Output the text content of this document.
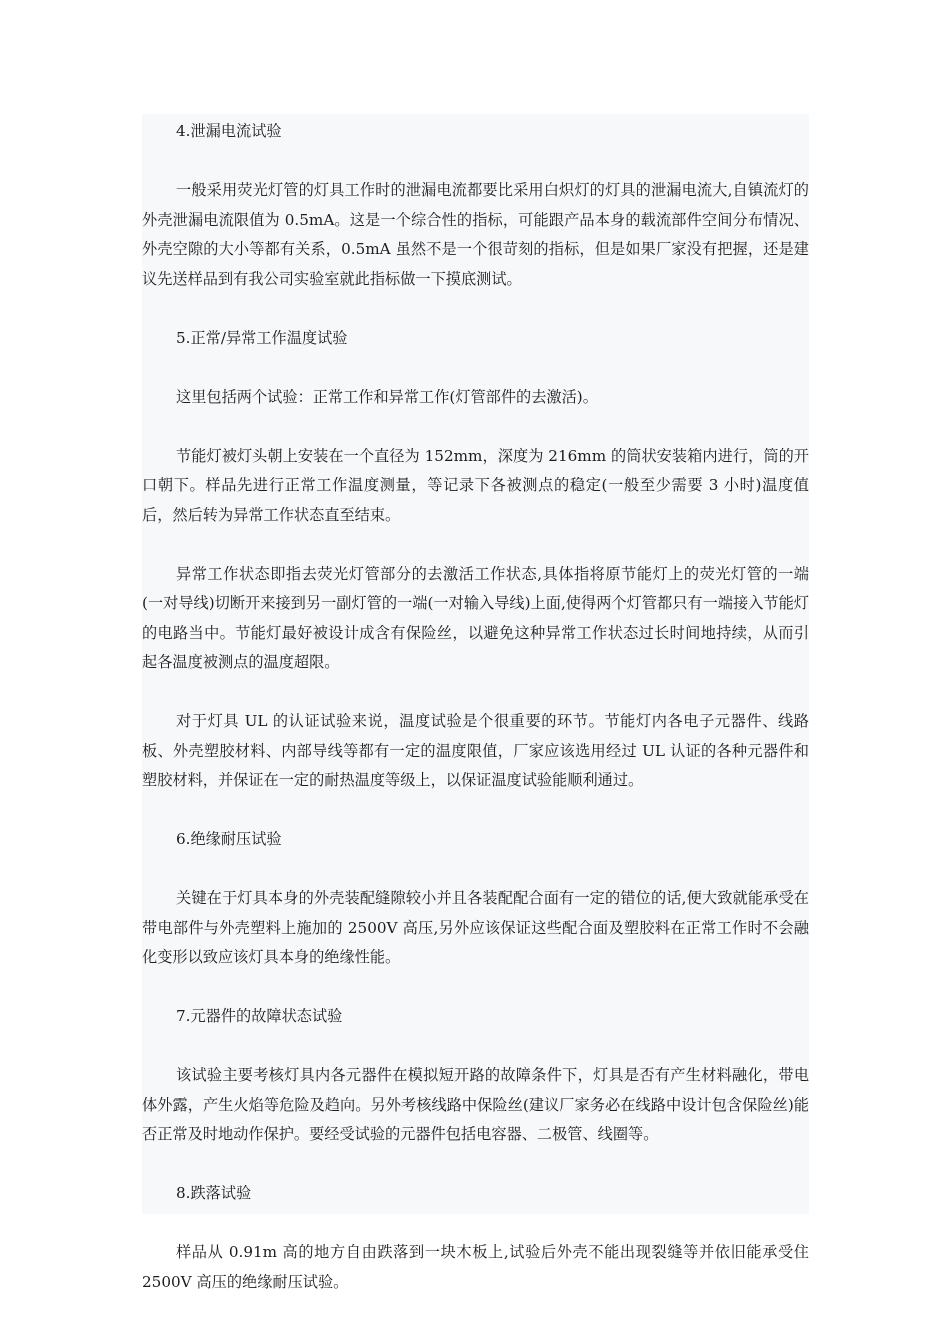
4.泄漏电流试验

一般采用荧光灯管的灯具工作时的泄漏电流都要比采用白炽灯的灯具的泄漏电流大,自镇流灯的外壳泄漏电流限值为 0.5mA。这是一个综合性的指标，可能跟产品本身的载流部件空间分布情况、外壳空隙的大小等都有关系，0.5mA 虽然不是一个很苛刻的指标，但是如果厂家没有把握，还是建议先送样品到有我公司实验室就此指标做一下摸底测试。

5.正常/异常工作温度试验

这里包括两个试验：正常工作和异常工作(灯管部件的去激活)。

节能灯被灯头朝上安装在一个直径为 152mm，深度为 216mm 的筒状安装箱内进行，筒的开口朝下。样品先进行正常工作温度测量，等记录下各被测点的稳定(一般至少需要 3 小时)温度值后，然后转为异常工作状态直至结束。

异常工作状态即指去荧光灯管部分的去激活工作状态,具体指将原节能灯上的荧光灯管的一端(一对导线)切断开来接到另一副灯管的一端(一对输入导线)上面,使得两个灯管都只有一端接入节能灯的电路当中。节能灯最好被设计成含有保险丝，以避免这种异常工作状态过长时间地持续，从而引起各温度被测点的温度超限。

对于灯具 UL 的认证试验来说，温度试验是个很重要的环节。节能灯内各电子元器件、线路板、外壳塑胶材料、内部导线等都有一定的温度限值，厂家应该选用经过 UL 认证的各种元器件和塑胶材料，并保证在一定的耐热温度等级上，以保证温度试验能顺利通过。

6.绝缘耐压试验

关键在于灯具本身的外壳装配缝隙较小并且各装配配合面有一定的错位的话,便大致就能承受在带电部件与外壳塑料上施加的 2500V 高压,另外应该保证这些配合面及塑胶料在正常工作时不会融化变形以致应该灯具本身的绝缘性能。

7.元器件的故障状态试验

该试验主要考核灯具内各元器件在模拟短开路的故障条件下，灯具是否有产生材料融化，带电体外露，产生火焰等危险及趋向。另外考核线路中保险丝(建议厂家务必在线路中设计包含保险丝)能否正常及时地动作保护。要经受试验的元器件包括电容器、二极管、线圈等。

8.跌落试验

样品从 0.91m 高的地方自由跌落到一块木板上,试验后外壳不能出现裂缝等并依旧能承受住 2500V 高压的绝缘耐压试验。
